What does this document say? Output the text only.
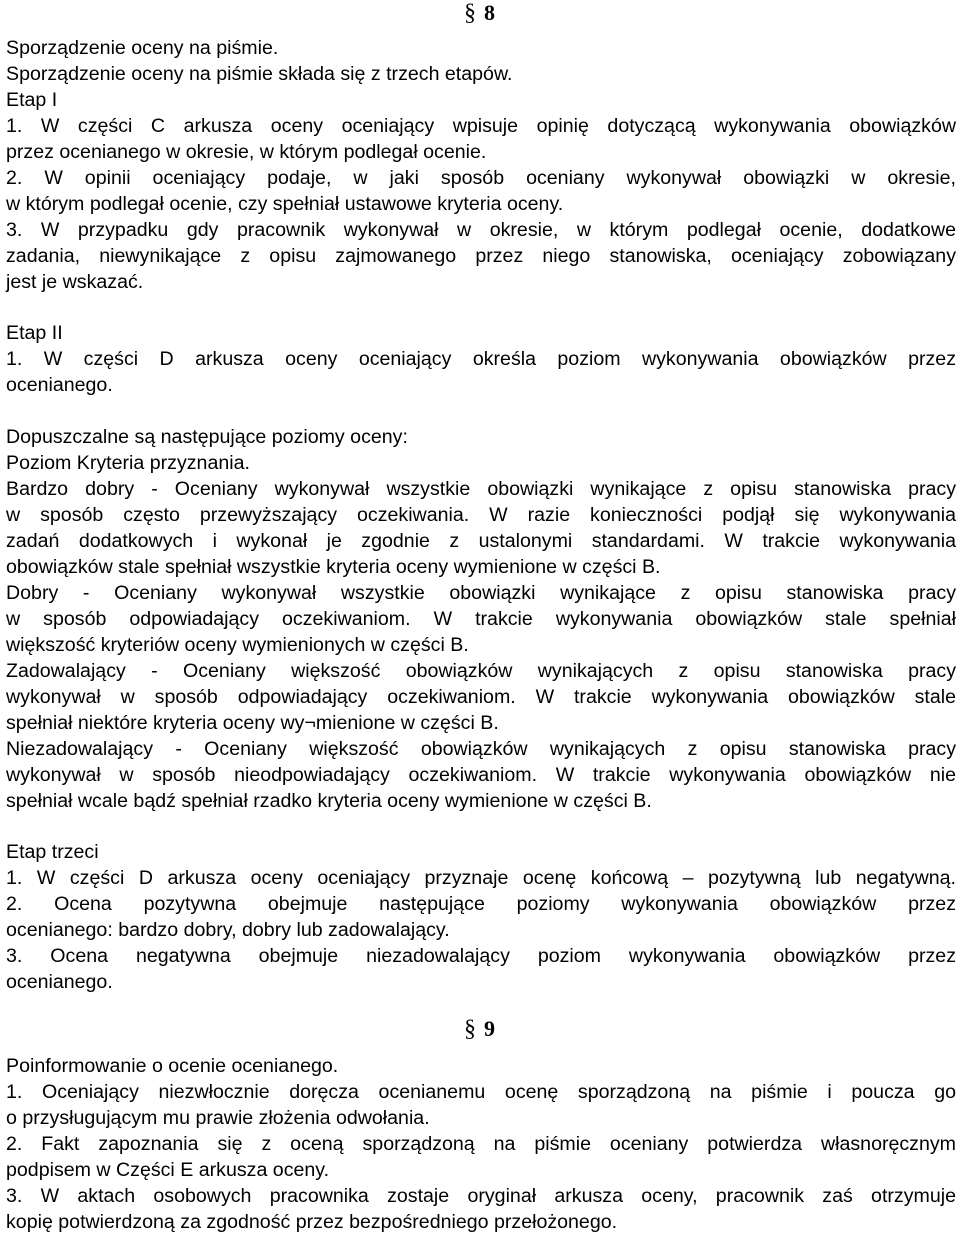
§ 8
Sporządzenie oceny na piśmie.
Sporządzenie oceny na piśmie składa się z trzech etapów.
Etap I
1. W części C arkusza oceny oceniający wpisuje opinię dotyczącą wykonywania obowiązków
przez ocenianego w okresie, w którym podlegał ocenie.
2. W opinii oceniający podaje, w jaki sposób oceniany wykonywał obowiązki w okresie,
w którym podlegał ocenie, czy spełniał ustawowe kryteria oceny.
3. W przypadku gdy pracownik wykonywał w okresie, w którym podlegał ocenie, dodatkowe
zadania, niewynikające z opisu zajmowanego przez niego stanowiska, oceniający zobowiązany
jest je wskazać.
Etap II
1. W części D arkusza oceny oceniający określa poziom wykonywania obowiązków przez
ocenianego.
Dopuszczalne są następujące poziomy oceny:
Poziom Kryteria przyznania.
Bardzo dobry - Oceniany wykonywał wszystkie obowiązki wynikające z opisu stanowiska pracy
w sposób często przewyższający oczekiwania. W razie konieczności podjął się wykonywania
zadań dodatkowych i wykonał je zgodnie z ustalonymi standardami. W trakcie wykonywania
obowiązków stale spełniał wszystkie kryteria oceny wymienione w części B.
Dobry - Oceniany wykonywał wszystkie obowiązki wynikające z opisu stanowiska pracy
w sposób odpowiadający oczekiwaniom. W trakcie wykonywania obowiązków stale spełniał
większość kryteriów oceny wymienionych w części B.
Zadowalający - Oceniany większość obowiązków wynikających z opisu stanowiska pracy
wykonywał w sposób odpowiadający oczekiwaniom. W trakcie wykonywania obowiązków stale
spełniał niektóre kryteria oceny wy¬mienione w części B.
Niezadowalający - Oceniany większość obowiązków wynikających z opisu stanowiska pracy
wykonywał w sposób nieodpowiadający oczekiwaniom. W trakcie wykonywania obowiązków nie
spełniał wcale bądź spełniał rzadko kryteria oceny wymienione w części B.
Etap trzeci
1. W części D arkusza oceny oceniający przyznaje ocenę końcową – pozytywną lub negatywną.
2. Ocena pozytywna obejmuje następujące poziomy wykonywania obowiązków przez
ocenianego: bardzo dobry, dobry lub zadowalający.
3. Ocena negatywna obejmuje niezadowalający poziom wykonywania obowiązków przez
ocenianego.
§ 9
Poinformowanie o ocenie ocenianego.
1. Oceniający niezwłocznie doręcza ocenianemu ocenę sporządzoną na piśmie i poucza go
o przysługującym mu prawie złożenia odwołania.
2. Fakt zapoznania się z oceną sporządzoną na piśmie oceniany potwierdza własnoręcznym
podpisem w Części E arkusza oceny.
3. W aktach osobowych pracownika zostaje oryginał arkusza oceny, pracownik zaś otrzymuje
kopię potwierdzoną za zgodność przez bezpośredniego przełożonego.
